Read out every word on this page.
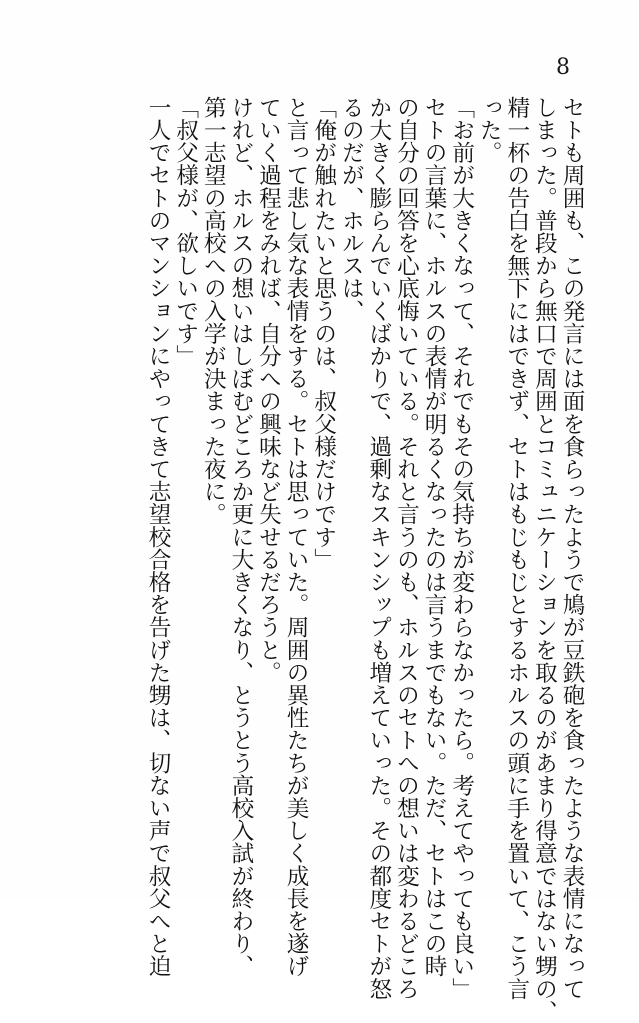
8
セトも周囲も、この発言には面を食らったようで鳩が豆鉄砲を食ったような表情になって
しまった。普段から無口で周囲とコミュニケーションを取るのがあまり得意ではない甥の、
精一杯の告白を無下にはできず、セトはもじもじとするホルスの頭に手を置いて、こう言
った。
「お前が大きくなって、それでもその気持ちが変わらなかったら。考えてやっても良い」
セトの言葉に、ホルスの表情が明るくなったのは言うまでもない。ただ、セトはこの時
の自分の回答を心底悔いている。それと言うのも、ホルスのセトへの想いは変わるどころ
か大きく膨らんでいくばかりで、過剰なスキンシップも増えていった。その都度セトが怒
るのだが、ホルスは、
「俺が触れたいと思うのは、叔父様だけです」
と言って悲し気な表情をする。セトは思っていた。周囲の異性たちが美しく成長を遂げ
ていく過程をみれば、自分への興味など失せるだろうと。
けれど、ホルスの想いはしぼむどころか更に大きくなり、とうとう高校入試が終わり、
第一志望の高校への入学が決まった夜に。
「叔父様が、欲しいです」
一人でセトのマンションにやってきて志望校合格を告げた甥は、切ない声で叔父へと迫
